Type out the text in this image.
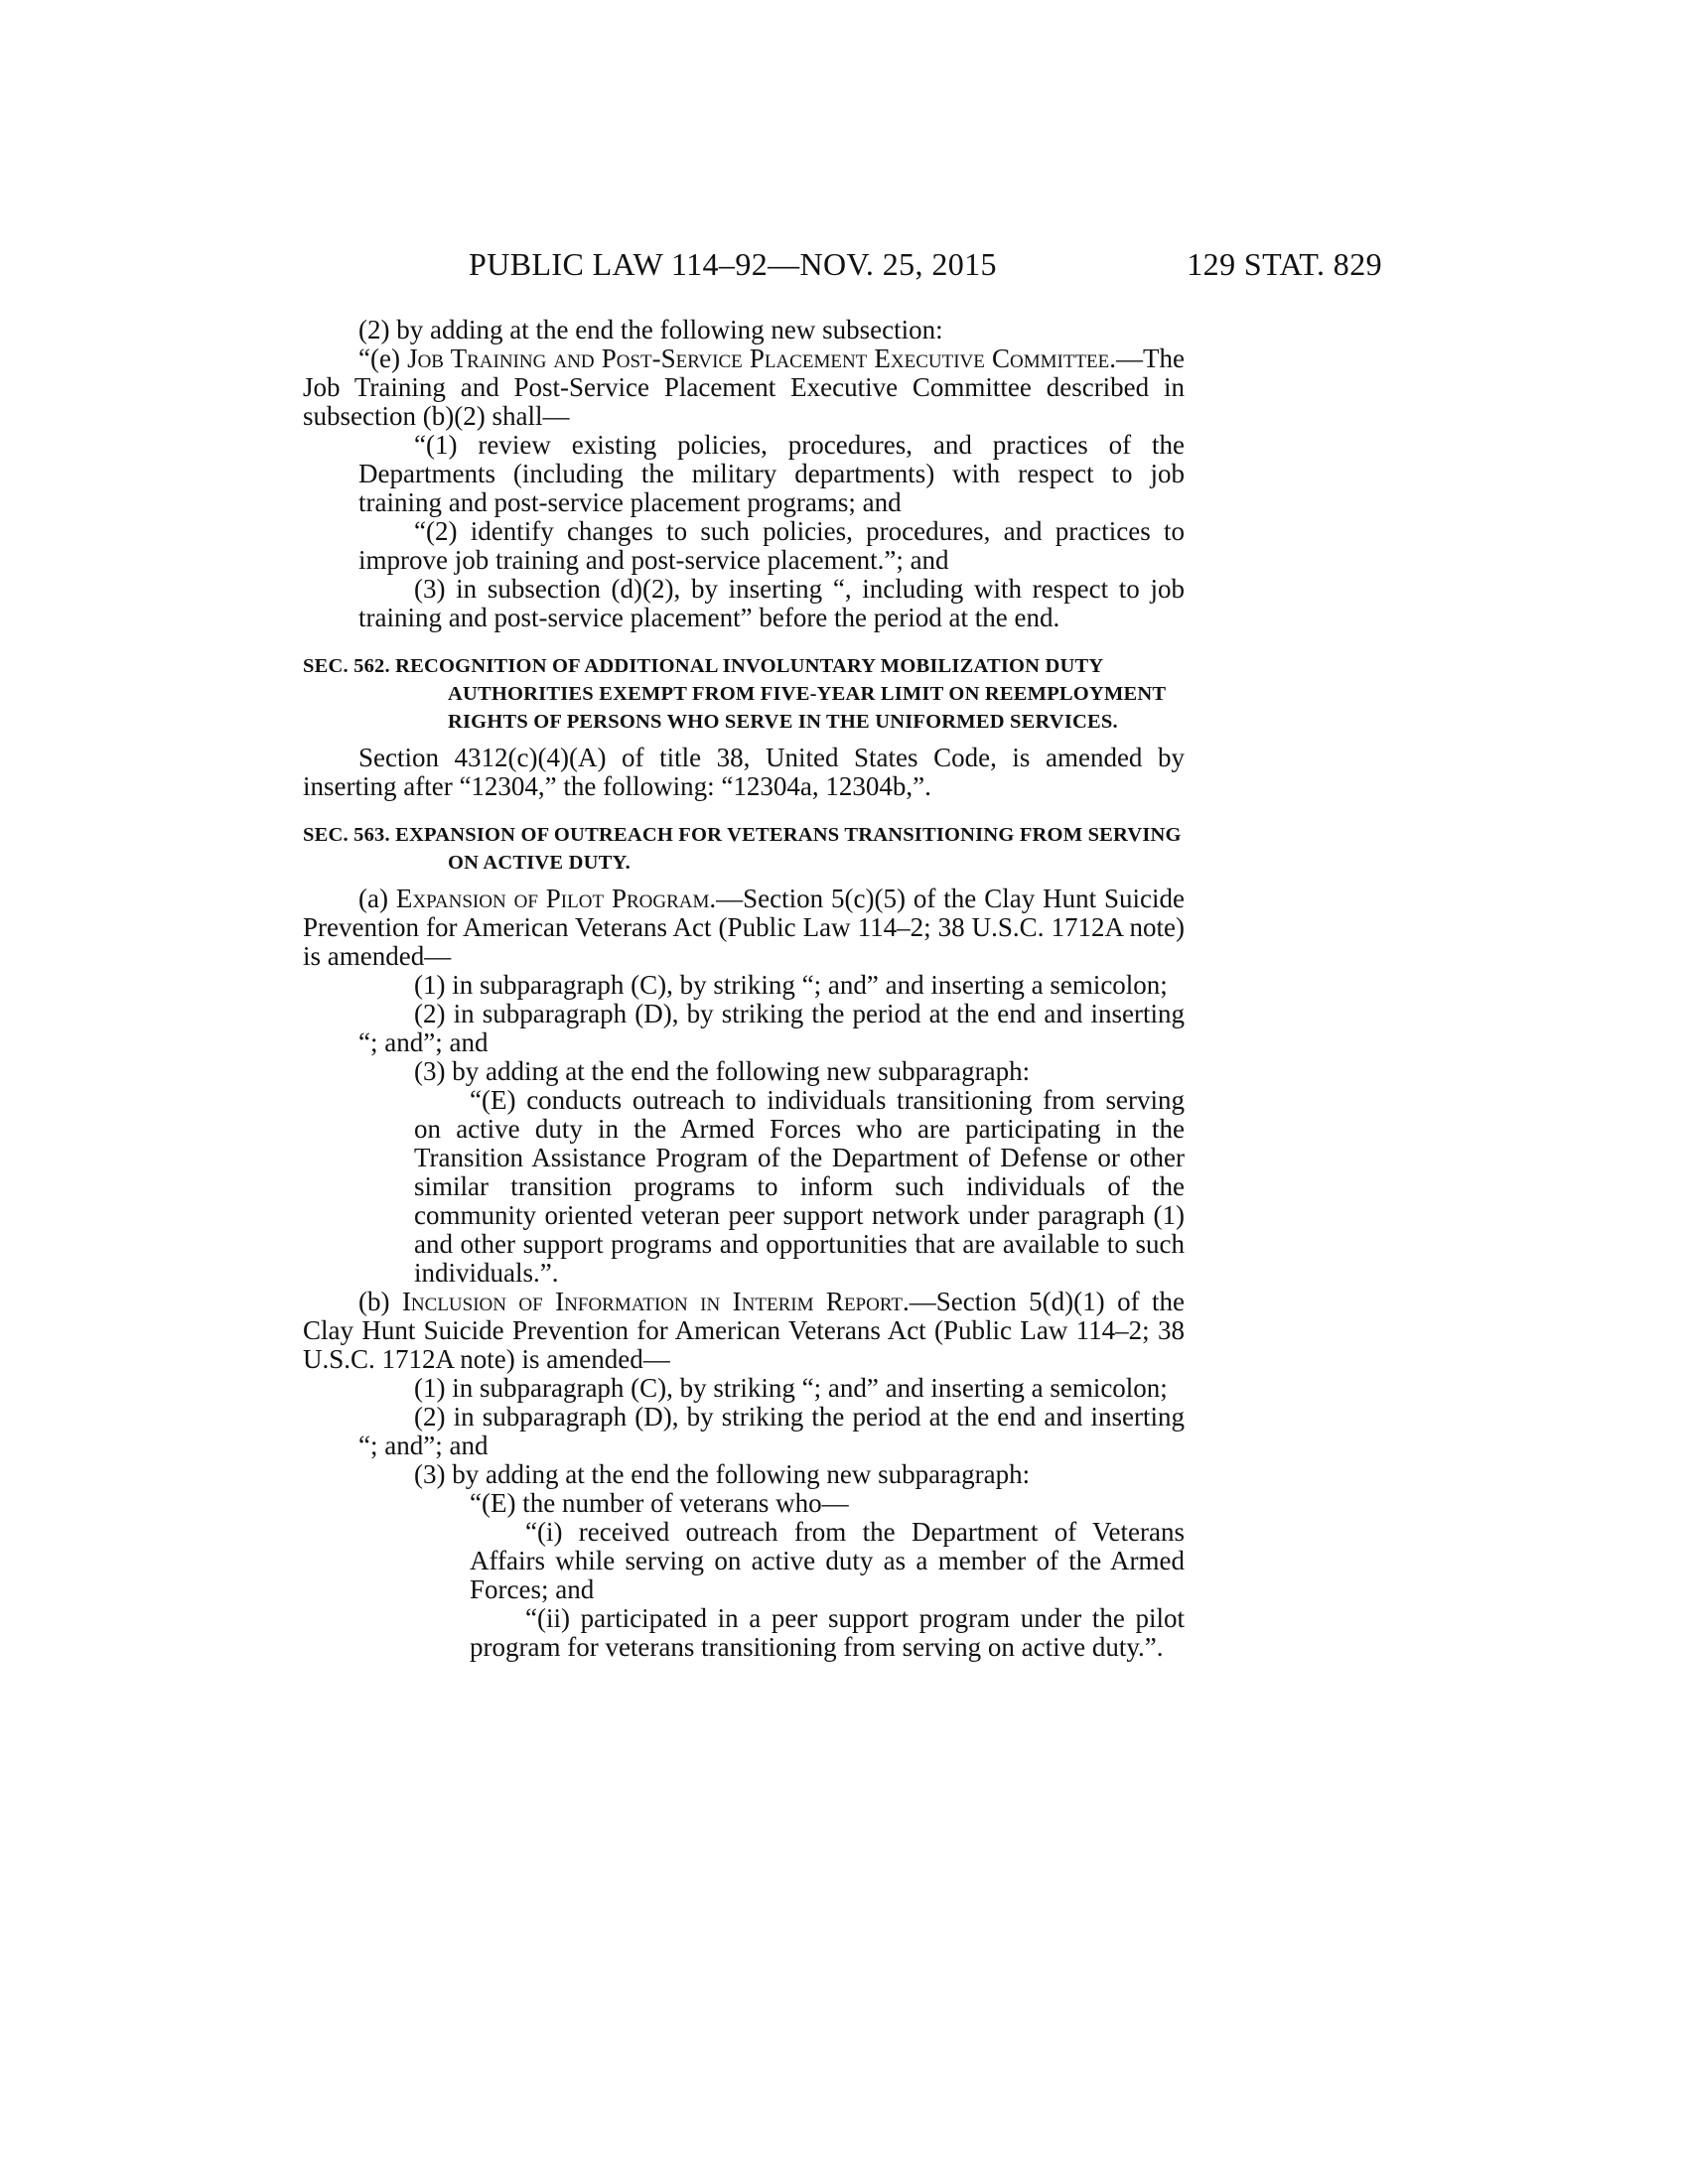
PUBLIC LAW 114–92—NOV. 25, 2015	129 STAT. 829

(2) by adding at the end the following new subsection:

“(e) Job Training and Post-Service Placement Executive Committee.—The Job Training and Post-Service Placement Executive Committee described in subsection (b)(2) shall—

“(1) review existing policies, procedures, and practices of the Departments (including the military departments) with respect to job training and post-service placement programs; and

“(2) identify changes to such policies, procedures, and practices to improve job training and post-service placement.”; and

(3) in subsection (d)(2), by inserting “, including with respect to job training and post-service placement” before the period at the end.

SEC. 562. RECOGNITION OF ADDITIONAL INVOLUNTARY MOBILIZATION DUTY AUTHORITIES EXEMPT FROM FIVE-YEAR LIMIT ON REEMPLOYMENT RIGHTS OF PERSONS WHO SERVE IN THE UNIFORMED SERVICES.

Section 4312(c)(4)(A) of title 38, United States Code, is amended by inserting after “12304,” the following: “12304a, 12304b,”.

SEC. 563. EXPANSION OF OUTREACH FOR VETERANS TRANSITIONING FROM SERVING ON ACTIVE DUTY.

(a) Expansion of Pilot Program.—Section 5(c)(5) of the Clay Hunt Suicide Prevention for American Veterans Act (Public Law 114–2; 38 U.S.C. 1712A note) is amended—

(1) in subparagraph (C), by striking “; and” and inserting a semicolon;

(2) in subparagraph (D), by striking the period at the end and inserting “; and”; and

(3) by adding at the end the following new subparagraph:

“(E) conducts outreach to individuals transitioning from serving on active duty in the Armed Forces who are participating in the Transition Assistance Program of the Department of Defense or other similar transition programs to inform such individuals of the community oriented veteran peer support network under paragraph (1) and other support programs and opportunities that are available to such individuals.”.

(b) Inclusion of Information in Interim Report.—Section 5(d)(1) of the Clay Hunt Suicide Prevention for American Veterans Act (Public Law 114–2; 38 U.S.C. 1712A note) is amended—

(1) in subparagraph (C), by striking “; and” and inserting a semicolon;

(2) in subparagraph (D), by striking the period at the end and inserting “; and”; and

(3) by adding at the end the following new subparagraph:

“(E) the number of veterans who—

“(i) received outreach from the Department of Veterans Affairs while serving on active duty as a member of the Armed Forces; and

“(ii) participated in a peer support program under the pilot program for veterans transitioning from serving on active duty.”.
